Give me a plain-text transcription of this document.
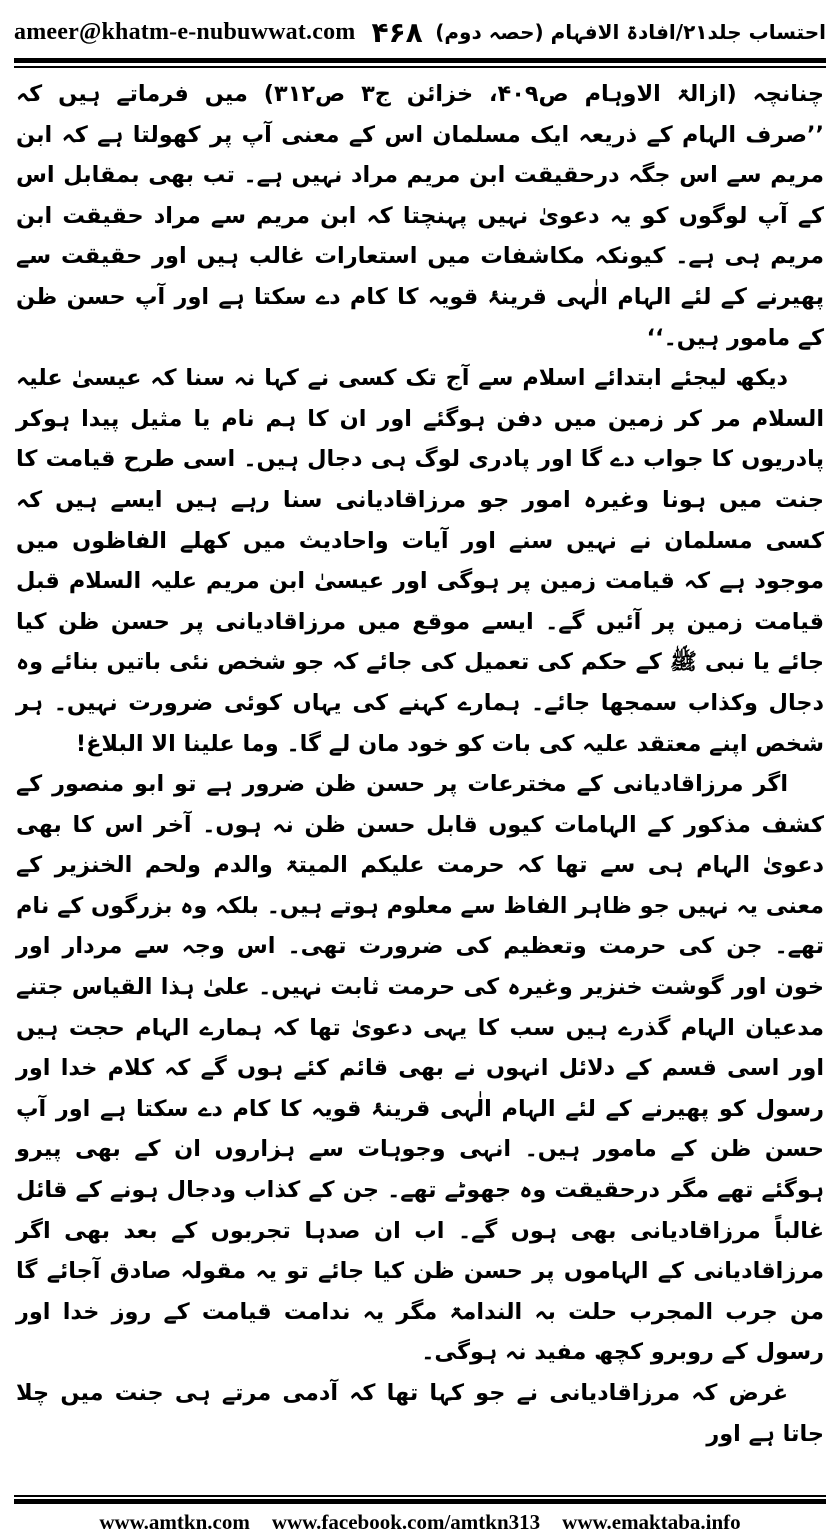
ameer@khatm-e-nubuwwat.com ۴۶۸ احتساب جلد۲۱/افادۃ الافہام (حصہ دوم)

چنانچہ (ازالۃ الاوہام ص۴۰۹، خزائن ج۳ ص۳۱۲) میں فرماتے ہیں کہ ’’صرف الہام کے ذریعہ ایک مسلمان اس کے معنی آپ پر کھولتا ہے کہ ابن مریم سے اس جگہ درحقیقت ابن مریم مراد نہیں ہے۔ تب بھی بمقابل اس کے آپ لوگوں کو یہ دعویٰ نہیں پہنچتا کہ ابن مریم سے مراد حقیقت ابن مریم ہی ہے۔ کیونکہ مکاشفات میں استعارات غالب ہیں اور حقیقت سے پھیرنے کے لئے الہام الٰہی قرینۂ قویہ کا کام دے سکتا ہے اور آپ حسن ظن کے مامور ہیں۔‘‘

دیکھ لیجئے ابتدائے اسلام سے آج تک کسی نے کہا نہ سنا کہ عیسیٰ علیہ السلام مر کر زمین میں دفن ہوگئے اور ان کا ہم نام یا مثیل پیدا ہوکر پادریوں کا جواب دے گا اور پادری لوگ ہی دجال ہیں۔ اسی طرح قیامت کا جنت میں ہونا وغیرہ امور جو مرزاقادیانی سنا رہے ہیں ایسے ہیں کہ کسی مسلمان نے نہیں سنے اور آیات واحادیث میں کھلے الفاظوں میں موجود ہے کہ قیامت زمین پر ہوگی اور عیسیٰ ابن مریم علیہ السلام قبل قیامت زمین پر آئیں گے۔ ایسے موقع میں مرزاقادیانی پر حسن ظن کیا جائے یا نبی ﷺ کے حکم کی تعمیل کی جائے کہ جو شخص نئی باتیں بنائے وہ دجال وکذاب سمجھا جائے۔ ہمارے کہنے کی یہاں کوئی ضرورت نہیں۔ ہر شخص اپنے معتقد علیہ کی بات کو خود مان لے گا۔ وما علینا الا البلاغ!

اگر مرزاقادیانی کے مخترعات پر حسن ظن ضرور ہے تو ابو منصور کے کشف مذکور کے الہامات کیوں قابل حسن ظن نہ ہوں۔ آخر اس کا بھی دعویٰ الہام ہی سے تھا کہ حرمت علیکم المیتۃ والدم ولحم الخنزیر کے معنی یہ نہیں جو ظاہر الفاظ سے معلوم ہوتے ہیں۔ بلکہ وہ بزرگوں کے نام تھے۔ جن کی حرمت وتعظیم کی ضرورت تھی۔ اس وجہ سے مردار اور خون اور گوشت خنزیر وغیرہ کی حرمت ثابت نہیں۔ علیٰ ہذا القیاس جتنے مدعیان الہام گذرے ہیں سب کا یہی دعویٰ تھا کہ ہمارے الہام حجت ہیں اور اسی قسم کے دلائل انہوں نے بھی قائم کئے ہوں گے کہ کلام خدا اور رسول کو پھیرنے کے لئے الہام الٰہی قرینۂ قویہ کا کام دے سکتا ہے اور آپ حسن ظن کے مامور ہیں۔ انہی وجوہات سے ہزاروں ان کے بھی پیرو ہوگئے تھے مگر درحقیقت وہ جھوٹے تھے۔ جن کے کذاب ودجال ہونے کے قائل غالباً مرزاقادیانی بھی ہوں گے۔ اب ان صدہا تجربوں کے بعد بھی اگر مرزاقادیانی کے الہاموں پر حسن ظن کیا جائے تو یہ مقولہ صادق آجائے گا من جرب المجرب حلت بہ الندامۃ مگر یہ ندامت قیامت کے روز خدا اور رسول کے روبرو کچھ مفید نہ ہوگی۔

غرض کہ مرزاقادیانی نے جو کہا تھا کہ آدمی مرتے ہی جنت میں چلا جاتا ہے اور

www.amtkn.com www.facebook.com/amtkn313 www.emaktaba.info
